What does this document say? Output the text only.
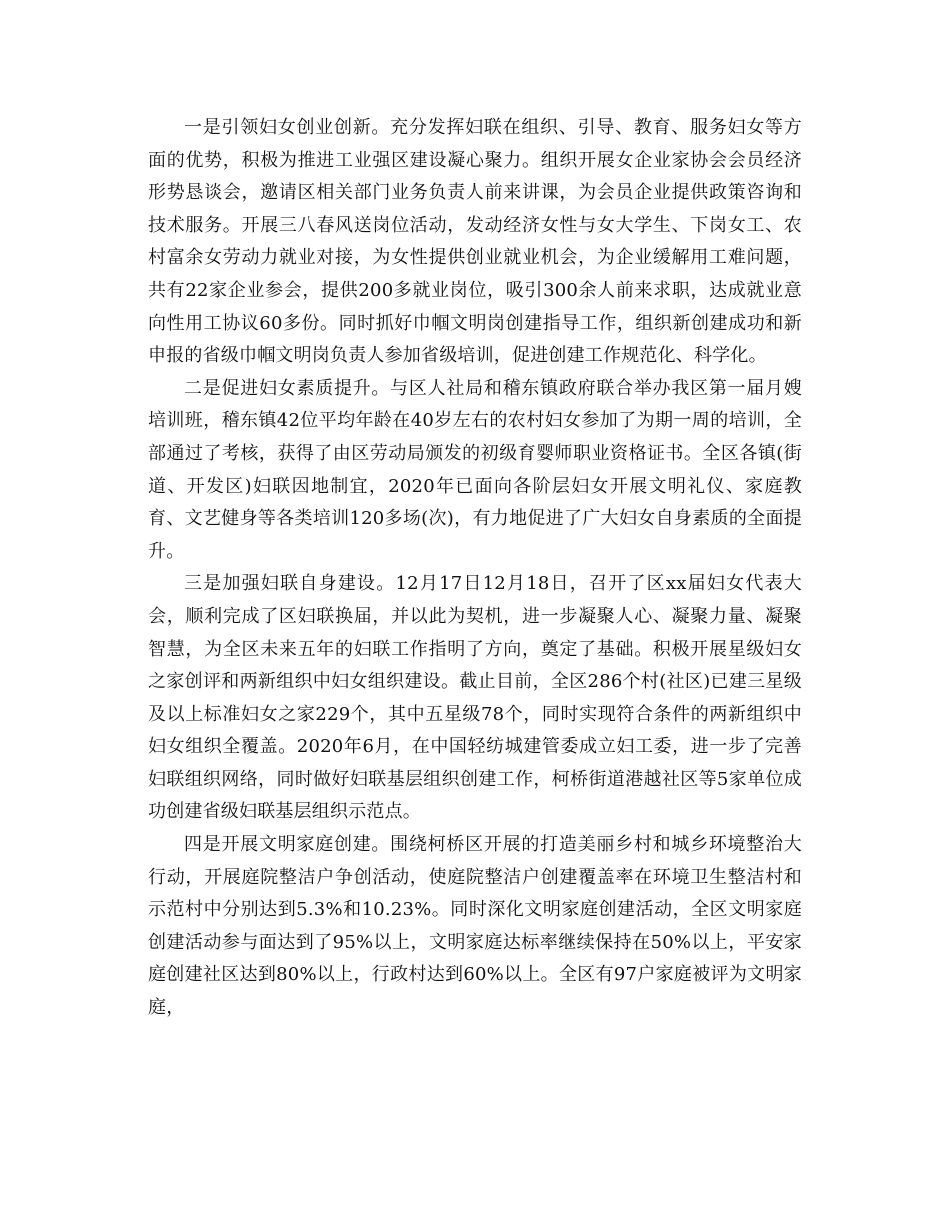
一是引领妇女创业创新。充分发挥妇联在组织、引导、教育、服务妇女等方面的优势，积极为推进工业强区建设凝心聚力。组织开展女企业家协会会员经济形势恳谈会，邀请区相关部门业务负责人前来讲课，为会员企业提供政策咨询和技术服务。开展三八春风送岗位活动，发动经济女性与女大学生、下岗女工、农村富余女劳动力就业对接，为女性提供创业就业机会，为企业缓解用工难问题，共有22家企业参会，提供200多就业岗位，吸引300余人前来求职，达成就业意向性用工协议60多份。同时抓好巾帼文明岗创建指导工作，组织新创建成功和新申报的省级巾帼文明岗负责人参加省级培训，促进创建工作规范化、科学化。

二是促进妇女素质提升。与区人社局和稽东镇政府联合举办我区第一届月嫂培训班，稽东镇42位平均年龄在40岁左右的农村妇女参加了为期一周的培训，全部通过了考核，获得了由区劳动局颁发的初级育婴师职业资格证书。全区各镇(街道、开发区)妇联因地制宜，2020年已面向各阶层妇女开展文明礼仪、家庭教育、文艺健身等各类培训120多场(次)，有力地促进了广大妇女自身素质的全面提升。

三是加强妇联自身建设。12月17日12月18日，召开了区xx届妇女代表大会，顺利完成了区妇联换届，并以此为契机，进一步凝聚人心、凝聚力量、凝聚智慧，为全区未来五年的妇联工作指明了方向，奠定了基础。积极开展星级妇女之家创评和两新组织中妇女组织建设。截止目前，全区286个村(社区)已建三星级及以上标准妇女之家229个，其中五星级78个，同时实现符合条件的两新组织中妇女组织全覆盖。2020年6月，在中国轻纺城建管委成立妇工委，进一步了完善妇联组织网络，同时做好妇联基层组织创建工作，柯桥街道港越社区等5家单位成功创建省级妇联基层组织示范点。

四是开展文明家庭创建。围绕柯桥区开展的打造美丽乡村和城乡环境整治大行动，开展庭院整洁户争创活动，使庭院整洁户创建覆盖率在环境卫生整洁村和示范村中分别达到5.3%和10.23%。同时深化文明家庭创建活动，全区文明家庭创建活动参与面达到了95%以上，文明家庭达标率继续保持在50%以上，平安家庭创建社区达到80%以上，行政村达到60%以上。全区有97户家庭被评为文明家庭，
